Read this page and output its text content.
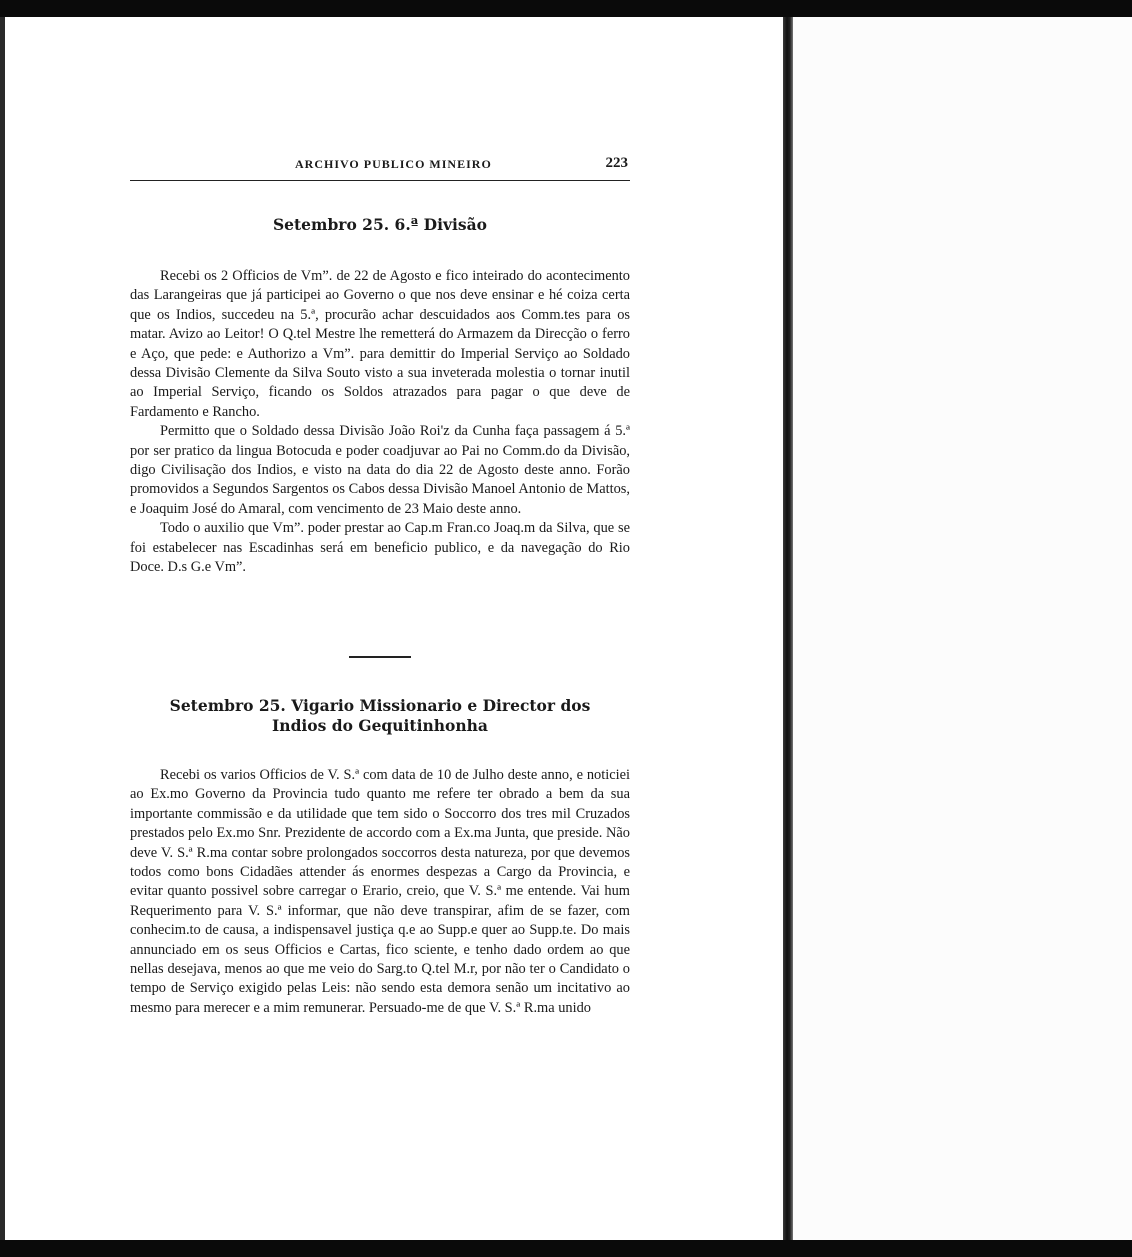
ARCHIVO PUBLICO MINEIRO	223
Setembro 25. 6.ª Divisão

Recebi os 2 Officios de Vm”. de 22 de Agosto e fico inteirado do acontecimento das Larangeiras que já participei ao Governo o que nos deve ensinar e hé coiza certa que os Indios, succedeu na 5.ª, procurão achar descuidados aos Comm.tes para os matar. Avizo ao Leitor! O Q.tel Mestre lhe remetterá do Armazem da Direcção o ferro e Aço, que pede: e Authorizo a Vm”. para demittir do Imperial Serviço ao Soldado dessa Divisão Clemente da Silva Souto visto a sua inveterada molestia o tornar inutil ao Imperial Serviço, ficando os Soldos atrazados para pagar o que deve de Fardamento e Rancho.

Permitto que o Soldado dessa Divisão João Roi'z da Cunha faça passagem á 5.ª por ser pratico da lingua Botocuda e poder coadjuvar ao Pai no Comm.do da Divisão, digo Civilisação dos Indios, e visto na data do dia 22 de Agosto deste anno. Forão promovidos a Segundos Sargentos os Cabos dessa Divisão Manoel Antonio de Mattos, e Joaquim José do Amaral, com vencimento de 23 Maio deste anno.

Todo o auxilio que Vm”. poder prestar ao Cap.m Fran.co Joaq.m da Silva, que se foi estabelecer nas Escadinhas será em beneficio publico, e da navegação do Rio Doce. D.s G.e Vm”.

Setembro 25. Vigario Missionario e Director dos
Indios do Gequitinhonha

Recebi os varios Officios de V. S.ª com data de 10 de Julho deste anno, e noticiei ao Ex.mo Governo da Provincia tudo quanto me refere ter obrado a bem da sua importante commissão e da utilidade que tem sido o Soccorro dos tres mil Cruzados prestados pelo Ex.mo Snr. Prezidente de accordo com a Ex.ma Junta, que preside. Não deve V. S.ª R.ma contar sobre prolongados soccorros desta natureza, por que devemos todos como bons Cidadães attender ás enormes despezas a Cargo da Provincia, e evitar quanto possivel sobre carregar o Erario, creio, que V. S.ª me entende. Vai hum Requerimento para V. S.ª informar, que não deve transpirar, afim de se fazer, com conhecim.to de causa, a indispensavel justiça q.e ao Supp.e quer ao Supp.te. Do mais annunciado em os seus Officios e Cartas, fico sciente, e tenho dado ordem ao que nellas desejava, menos ao que me veio do Sarg.to Q.tel M.r, por não ter o Candidato o tempo de Serviço exigido pelas Leis: não sendo esta demora senão um incitativo ao mesmo para merecer e a mim remunerar. Persuado-me de que V. S.ª R.ma unido
